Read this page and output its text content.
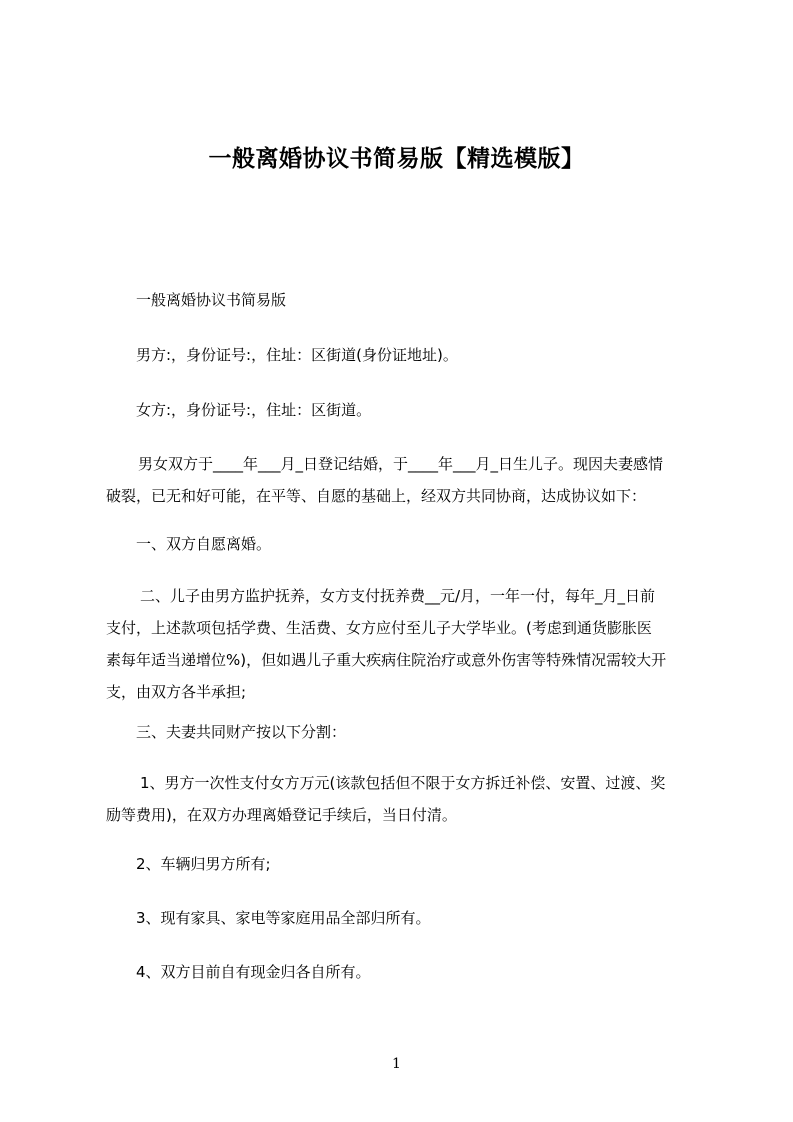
一般离婚协议书简易版【精选模版】

一般离婚协议书简易版

男方:，身份证号:，住址：区街道(身份证地址)。

女方:，身份证号:，住址：区街道。

男女双方于____年___月_日登记结婚，于____年___月_日生儿子。现因夫妻感情
破裂，已无和好可能，在平等、自愿的基础上，经双方共同协商，达成协议如下：

一、双方自愿离婚。

二、儿子由男方监护抚养，女方支付抚养费__元/月，一年一付，每年_月_日前
支付，上述款项包括学费、生活费、女方应付至儿子大学毕业。(考虑到通货膨胀医
素每年适当递增位%)，但如遇儿子重大疾病住院治疗或意外伤害等特殊情况需较大开
支，由双方各半承担;

三、夫妻共同财产按以下分割：

1、男方一次性支付女方万元(该款包括但不限于女方拆迁补偿、安置、过渡、奖
励等费用)，在双方办理离婚登记手续后，当日付清。

2、车辆归男方所有;

3、现有家具、家电等家庭用品全部归所有。

4、双方目前自有现金归各自所有。

1
